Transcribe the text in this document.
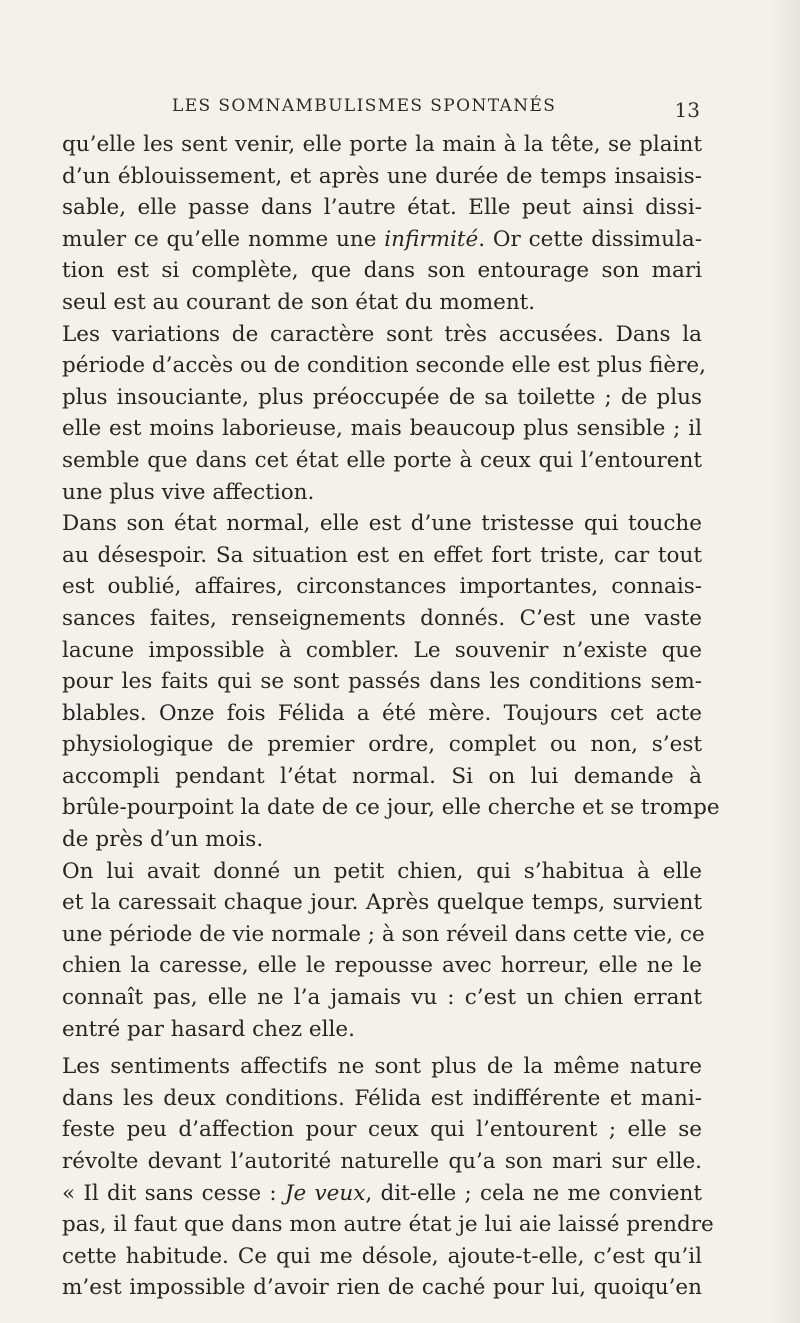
LES SOMNAMBULISMES SPONTANÉS	13
qu’elle les sent venir, elle porte la main à la tête, se plaint
d’un éblouissement, et après une durée de temps insaisis-
sable, elle passe dans l’autre état. Elle peut ainsi dissi-
muler ce qu’elle nomme une infirmité. Or cette dissimula-
tion est si complète, que dans son entourage son mari
seul est au courant de son état du moment.
Les variations de caractère sont très accusées. Dans la
période d’accès ou de condition seconde elle est plus fière,
plus insouciante, plus préoccupée de sa toilette ; de plus
elle est moins laborieuse, mais beaucoup plus sensible ; il
semble que dans cet état elle porte à ceux qui l’entourent
une plus vive affection.
Dans son état normal, elle est d’une tristesse qui touche
au désespoir. Sa situation est en effet fort triste, car tout
est oublié, affaires, circonstances importantes, connais-
sances faites, renseignements donnés. C’est une vaste
lacune impossible à combler. Le souvenir n’existe que
pour les faits qui se sont passés dans les conditions sem-
blables. Onze fois Félida a été mère. Toujours cet acte
physiologique de premier ordre, complet ou non, s’est
accompli pendant l’état normal. Si on lui demande à
brûle-pourpoint la date de ce jour, elle cherche et se trompe
de près d’un mois.
On lui avait donné un petit chien, qui s’habitua à elle
et la caressait chaque jour. Après quelque temps, survient
une période de vie normale ; à son réveil dans cette vie, ce
chien la caresse, elle le repousse avec horreur, elle ne le
connaît pas, elle ne l’a jamais vu : c’est un chien errant
entré par hasard chez elle.
Les sentiments affectifs ne sont plus de la même nature
dans les deux conditions. Félida est indifférente et mani-
feste peu d’affection pour ceux qui l’entourent ; elle se
révolte devant l’autorité naturelle qu’a son mari sur elle.
« Il dit sans cesse : Je veux, dit-elle ; cela ne me convient
pas, il faut que dans mon autre état je lui aie laissé prendre
cette habitude. Ce qui me désole, ajoute-t-elle, c’est qu’il
m’est impossible d’avoir rien de caché pour lui, quoiqu’en
